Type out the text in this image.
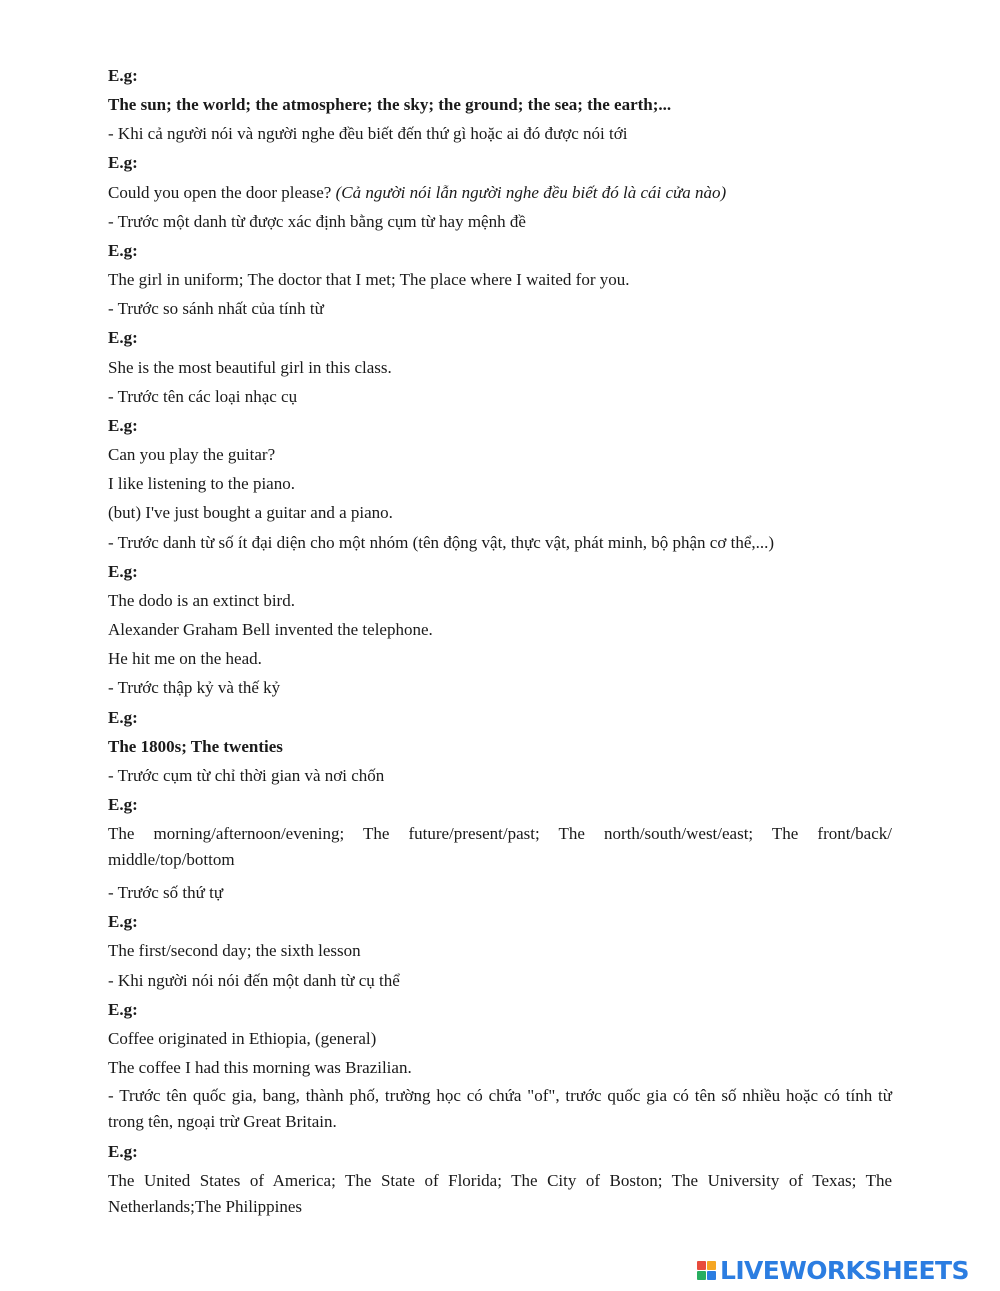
E.g:
The sun; the world; the atmosphere; the sky; the ground; the sea; the earth;...
- Khi cả người nói và người nghe đều biết đến thứ gì hoặc ai đó được nói tới
E.g:
Could you open the door please? (Cả người nói lẫn người nghe đều biết đó là cái cửa nào)
- Trước một danh từ được xác định bằng cụm từ hay mệnh đề
E.g:
The girl in uniform; The doctor that I met; The place where I waited for you.
- Trước so sánh nhất của tính từ
E.g:
She is the most beautiful girl in this class.
- Trước tên các loại nhạc cụ
E.g:
Can you play the guitar?
I like listening to the piano.
(but) I've just bought a guitar and a piano.
- Trước danh từ số ít đại diện cho một nhóm (tên động vật, thực vật, phát minh, bộ phận cơ thể,...)
E.g:
The dodo is an extinct bird.
Alexander Graham Bell invented the telephone.
He hit me on the head.
- Trước thập kỷ và thế kỷ
E.g:
The 1800s; The twenties
- Trước cụm từ chỉ thời gian và nơi chốn
E.g:
The morning/afternoon/evening; The future/present/past; The north/south/west/east; The front/back/ middle/top/bottom
- Trước số thứ tự
E.g:
The first/second day; the sixth lesson
- Khi người nói nói đến một danh từ cụ thể
E.g:
Coffee originated in Ethiopia, (general)
The coffee I had this morning was Brazilian.
- Trước tên quốc gia, bang, thành phố, trường học có chứa "of", trước quốc gia có tên số nhiều hoặc có tính từ trong tên, ngoại trừ Great Britain.
E.g:
The United States of America; The State of Florida; The City of Boston; The University of Texas; The Netherlands;The Philippines
LIVEWORKSHEETS
